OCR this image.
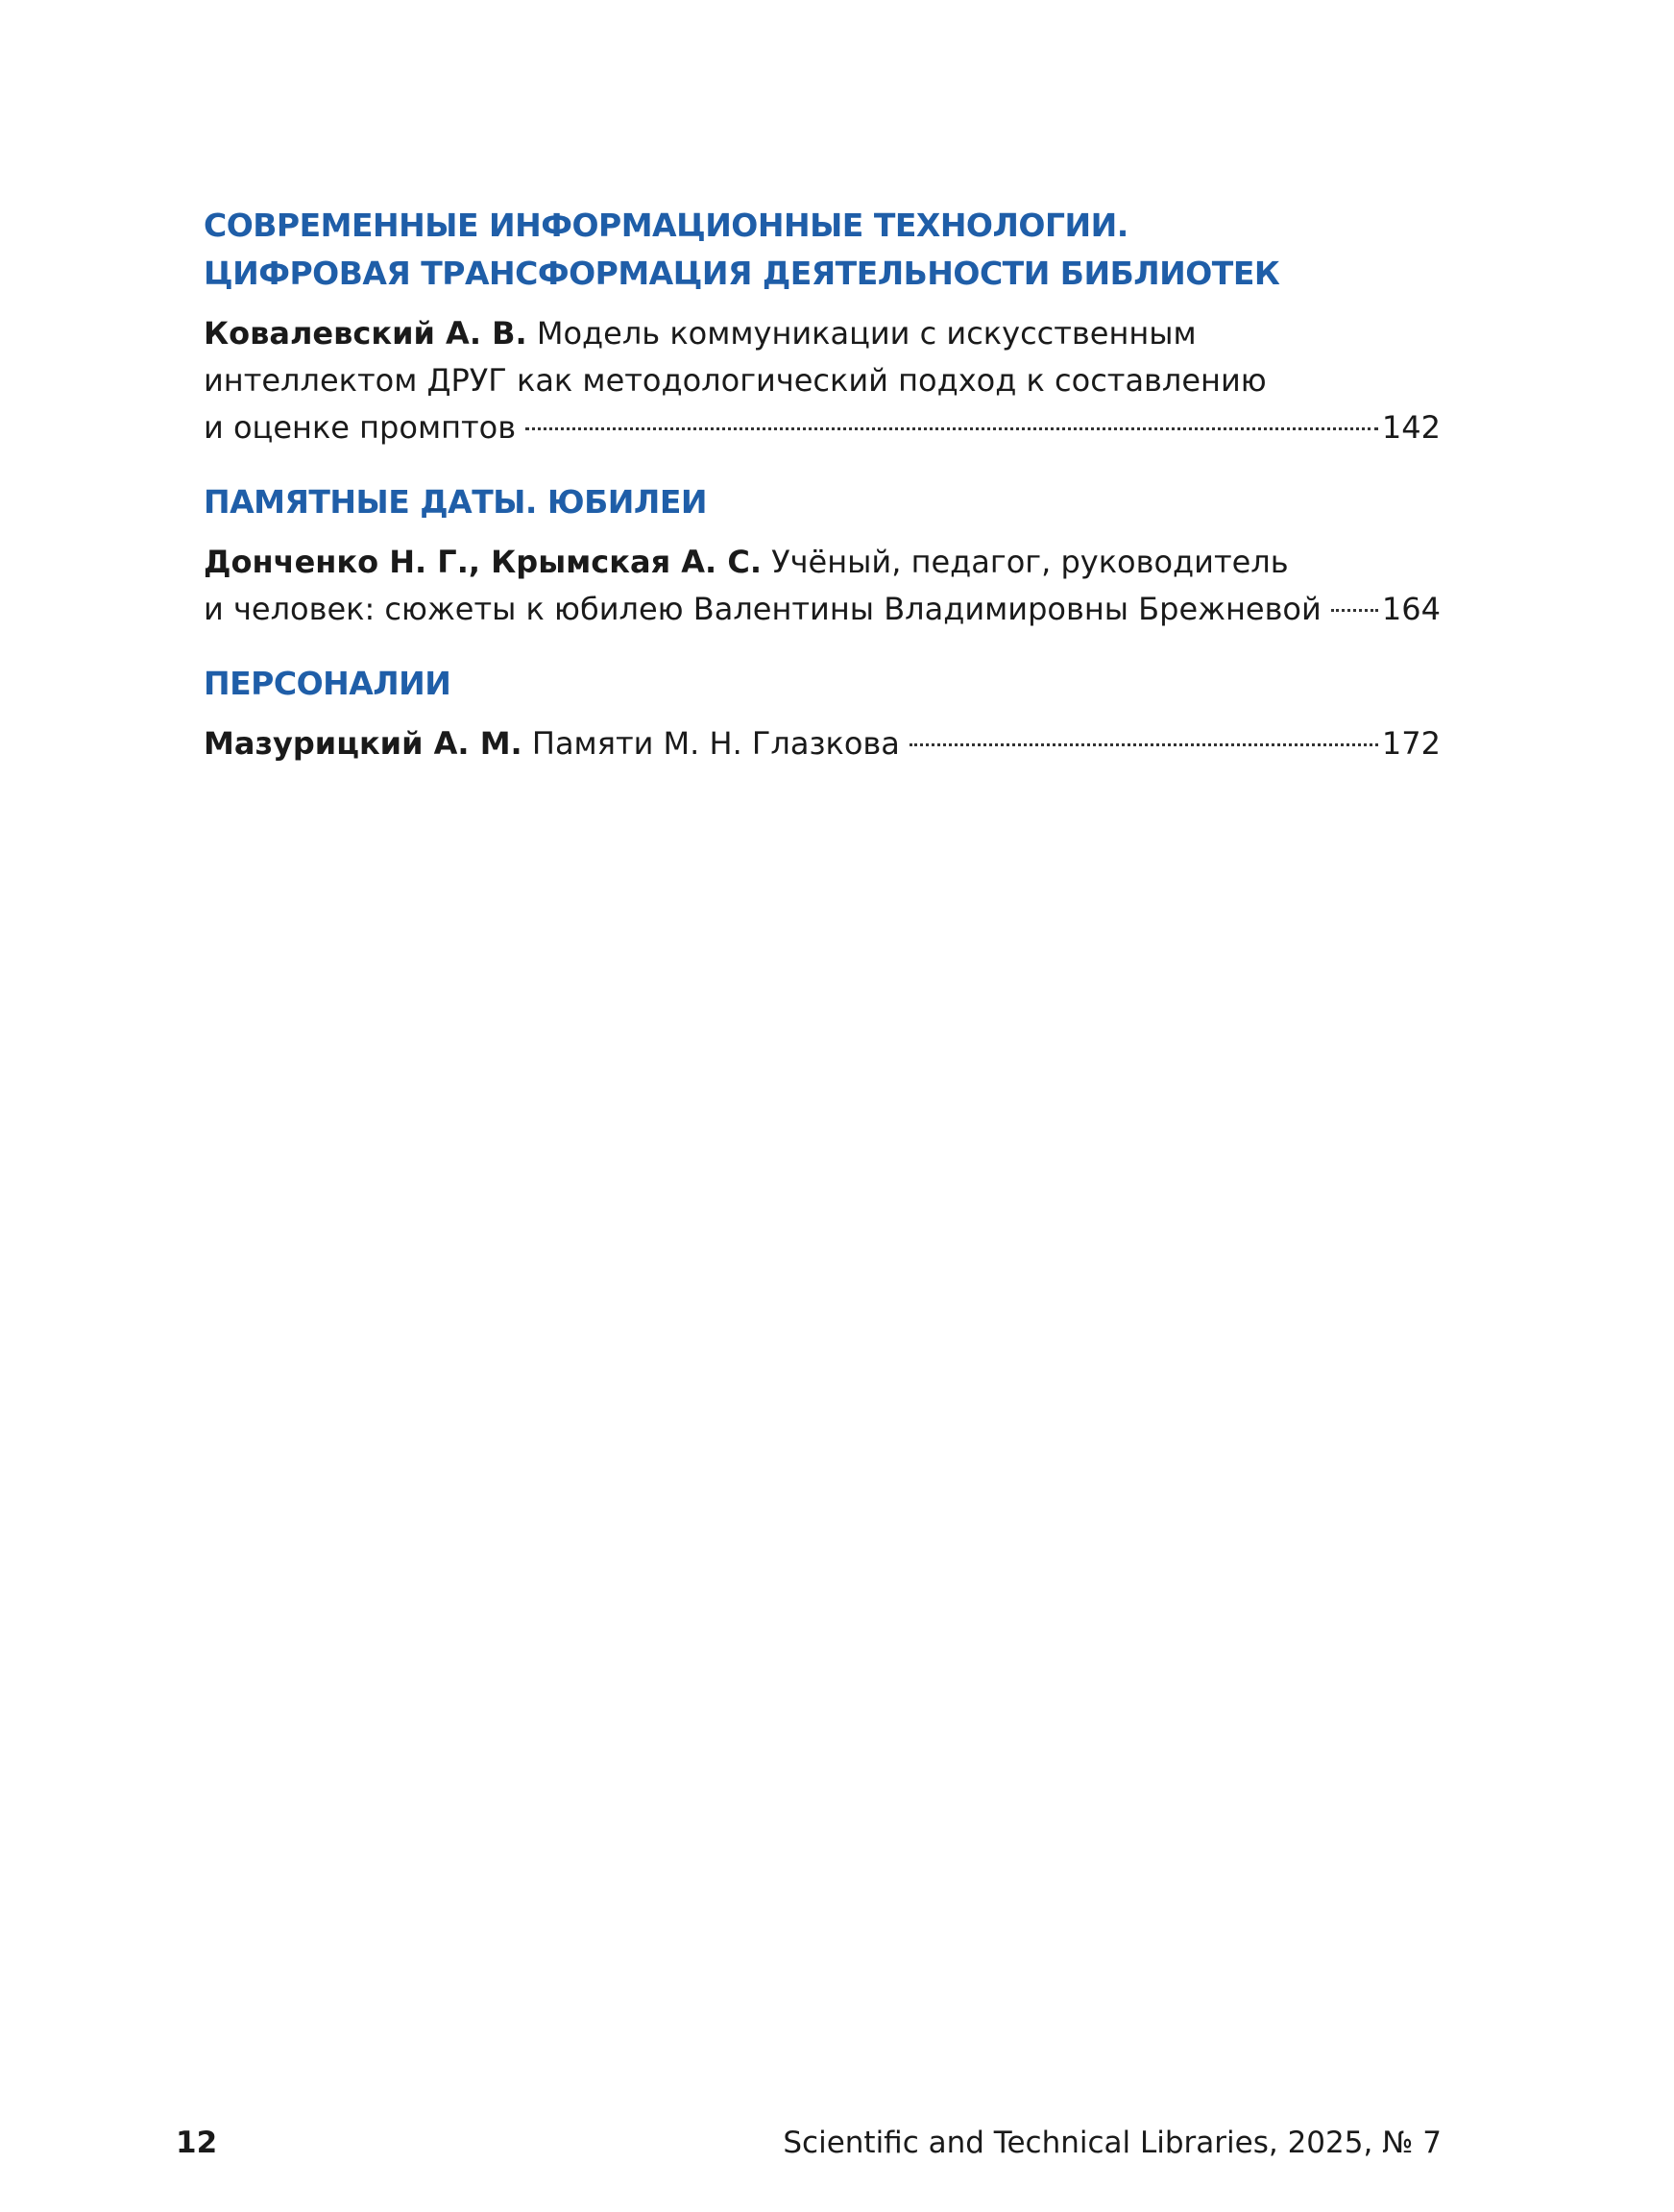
СОВРЕМЕННЫЕ ИНФОРМАЦИОННЫЕ ТЕХНОЛОГИИ.
ЦИФРОВАЯ ТРАНСФОРМАЦИЯ ДЕЯТЕЛЬНОСТИ БИБЛИОТЕК
Ковалевский А. В. Модель коммуникации с искусственным
интеллектом ДРУГ как методологический подход к составлению
и оценке промптов	142
ПАМЯТНЫЕ ДАТЫ. ЮБИЛЕИ
Донченко Н. Г., Крымская А. С. Учёный, педагог, руководитель
и человек: сюжеты к юбилею Валентины Владимировны Брежневой 164
ПЕРСОНАЛИИ
Мазурицкий А. М.
Памяти М. Н. Глазкова	172
12	Scientific and Technical Libraries, 2025, № 7
